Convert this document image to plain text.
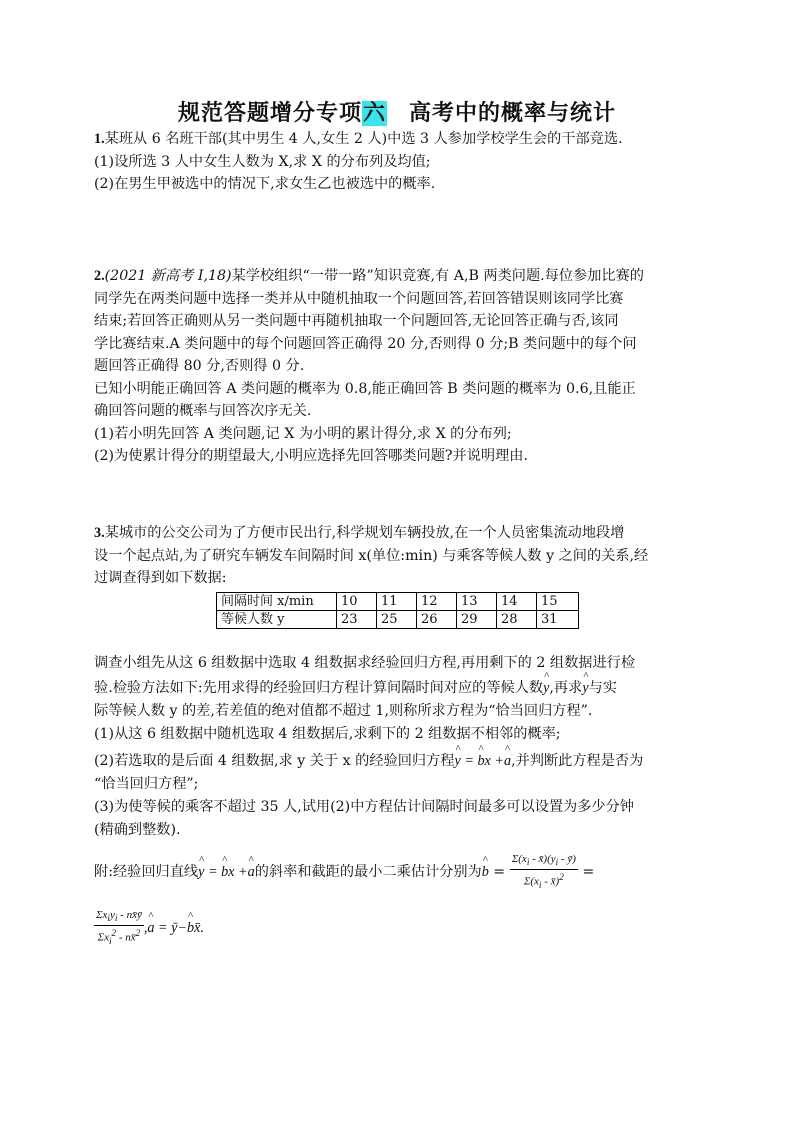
规范答题增分专项六 高考中的概率与统计
1.某班从 6 名班干部(其中男生 4 人,女生 2 人)中选 3 人参加学校学生会的干部竞选.
(1)设所选 3 人中女生人数为 X,求 X 的分布列及均值;
(2)在男生甲被选中的情况下,求女生乙也被选中的概率.
2.(2021 新高考 Ⅰ,18)某学校组织“一带一路”知识竞赛,有 A,B 两类问题.每位参加比赛的
同学先在两类问题中选择一类并从中随机抽取一个问题回答,若回答错误则该同学比赛
结束;若回答正确则从另一类问题中再随机抽取一个问题回答,无论回答正确与否,该同
学比赛结束.A 类问题中的每个问题回答正确得 20 分,否则得 0 分;B 类问题中的每个问
题回答正确得 80 分,否则得 0 分.
已知小明能正确回答 A 类问题的概率为 0.8,能正确回答 B 类问题的概率为 0.6,且能正
确回答问题的概率与回答次序无关.
(1)若小明先回答 A 类问题,记 X 为小明的累计得分,求 X 的分布列;
(2)为使累计得分的期望最大,小明应选择先回答哪类问题?并说明理由.
3.某城市的公交公司为了方便市民出行,科学规划车辆投放,在一个人员密集流动地段增
设一个起点站,为了研究车辆发车间隔时间 x(单位:min) 与乘客等候人数 y 之间的关系,经
过调查得到如下数据:
间隔时间 x/min	10	11	12	13	14	15
等候人数 y	23	25	26	29	28	31
调查小组先从这 6 组数据中选取 4 组数据求经验回归方程,再用剩下的 2 组数据进行检
验.检验方法如下:先用求得的经验回归方程计算间隔时间对应的等候人数^ y,再求^ y与实
际等候人数 y 的差,若差值的绝对值都不超过 1,则称所求方程为“恰当回归方程”.
(1)从这 6 组数据中随机选取 4 组数据后,求剩下的 2 组数据不相邻的概率;
(2)若选取的是后面 4 组数据,求 y 关于 x 的经验回归方程^ y = ^ bx +^ a,并判断此方程是否为
“恰当回归方程”;
(3)为使等候的乘客不超过 35 人,试用(2)中方程估计间隔时间最多可以设置为多少分钟
(精确到整数).
附:经验回归直线^ y = ^ bx +^ a的斜率和截距的最小二乘估计分别为^ $b = \frac{\Sigma(x_i - x̄)(y_i - ȳ)}{\Sigma(x_i - x̄)^2}$ =
$\frac{\Sigma x_iy_i - nx̄ȳ}{\Sigma x_i^2 - nx̄^2}$ ,^ a = ȳ−^ bx̄.
